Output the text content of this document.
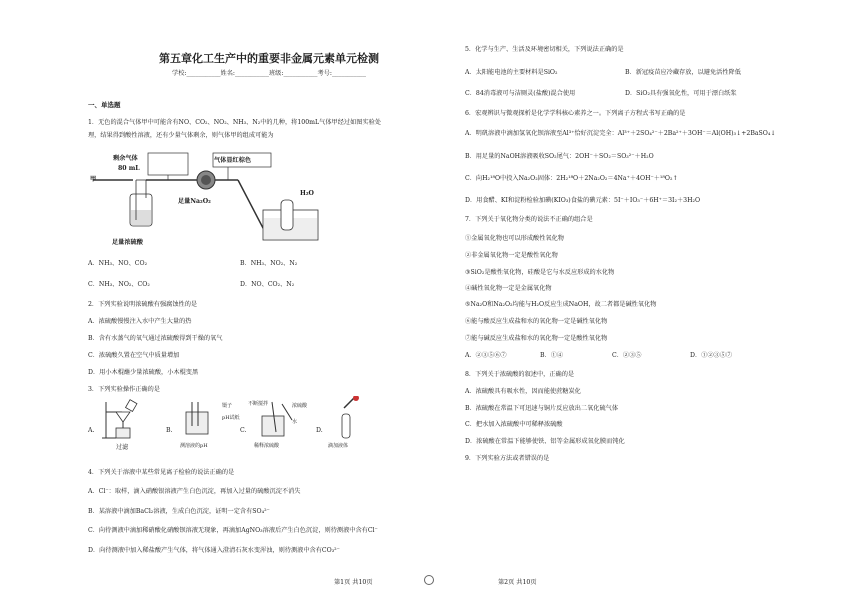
第五章化工生产中的重要非金属元素单元检测
学校:___________姓名:___________班级:___________考号:___________
一、单选题
1．无色的混合气体甲中可能含有NO、CO₂、NO₂、NH₃、N₂中的几种，将100mL气体甲经过如图实验处
理，结果得到酸性溶液，还有少量气体剩余，则气体甲的组成可能为
剩余气体
80 mL
气体显红棕色
甲
足量Na₂O₂
H₂O
足量浓硫酸
A．NH₃、NO、CO₂	B．NH₃、NO₂、N₂
C．NH₃、NO₂、CO₂	D．NO、CO₂、N₂
2．下列实验说明浓硫酸有强腐蚀性的是
A．浓硫酸慢慢注入水中产生大量的热
B．含有水蒸气的氧气通过浓硫酸得到干燥的氧气
C．浓硫酸久置在空气中质量增加
D．用小木棍蘸少量浓硫酸，小木棍变黑
3．下列实验操作正确的是
A.
过滤
B.
镊子
pH试纸
测溶液的pH
C.
不断搅拌	浓硫酸
水
稀释浓硫酸
D.
滴加液体
4．下列关于溶液中某些常见离子检验的说法正确的是
A．Cl⁻：取样，滴入硝酸银溶液产生白色沉淀，再加入过量的硫酸沉淀不消失
B．某溶液中滴加BaCl₂溶液，生成白色沉淀，证明一定含有SO₄²⁻
C．向待测液中滴加稀硝酸化硝酸钡溶液无现象，再滴加AgNO₃溶液后产生白色沉淀，则待测液中含有Cl⁻
D．向待测液中加入稀盐酸产生气体，将气体通入澄清石灰水变浑浊，则待测液中含有CO₃²⁻
5．化学与生产、生活及环境密切相关，下列说法正确的是
A．太阳能电池的主要材料是SiO₂	B．新冠疫苗应冷藏存放，以避免活性降低
C．84消毒液可与洁厕灵(盐酸)混合使用	D．SiO₂具有强氧化性，可用于漂白纸浆
6．宏观辨识与微观探析是化学学科核心素养之一。下列离子方程式书写正确的是
A．明矾溶液中滴加氢氧化钡溶液至Al³⁺恰好沉淀完全：Al³⁺＋2SO₄²⁻＋2Ba²⁺＋3OH⁻＝Al(OH)₃↓+2BaSO₄↓
B．用足量的NaOH溶液吸收SO₂尾气：2OH⁻＋SO₂＝SO₃²⁻＋H₂O
C．向H₂¹⁸O中投入Na₂O₂固体：2H₂¹⁸O＋2Na₂O₂＝4Na⁺＋4OH⁻＋¹⁸O₂↑
D．用食醋、KI和淀粉检验加碘(KIO₃)食盐的碘元素：5I⁻＋IO₃⁻＋6H⁺＝3I₂＋3H₂O
7．下列关于氧化物分类的说法不正确的组合是
①金属氧化物也可以形成酸性氧化物
②非金属氧化物一定是酸性氧化物
③SiO₂是酸性氧化物，硅酸是它与水反应形成的水化物
④碱性氧化物一定是金属氧化物
⑤Na₂O和Na₂O₂均能与H₂O反应生成NaOH，故二者都是碱性氧化物
⑥能与酸反应生成盐和水的氧化物一定是碱性氧化物
⑦能与碱反应生成盐和水的氧化物一定是酸性氧化物
A．②③⑤⑥⑦	B．①④	C．②③⑤	D．①②③⑤⑦
8．下列关于浓硫酸的叙述中，正确的是
A．浓硫酸具有吸水性，因而能使蔗糖炭化
B．浓硫酸在常温下可迅速与铜片反应放出二氧化硫气体
C．把水加入浓硫酸中可稀释浓硫酸
D．浓硫酸在常温下能够使铁、铝等金属形成氧化膜而钝化
9．下列实验方法或者错误的是
第1页 共10页	第2页 共10页
